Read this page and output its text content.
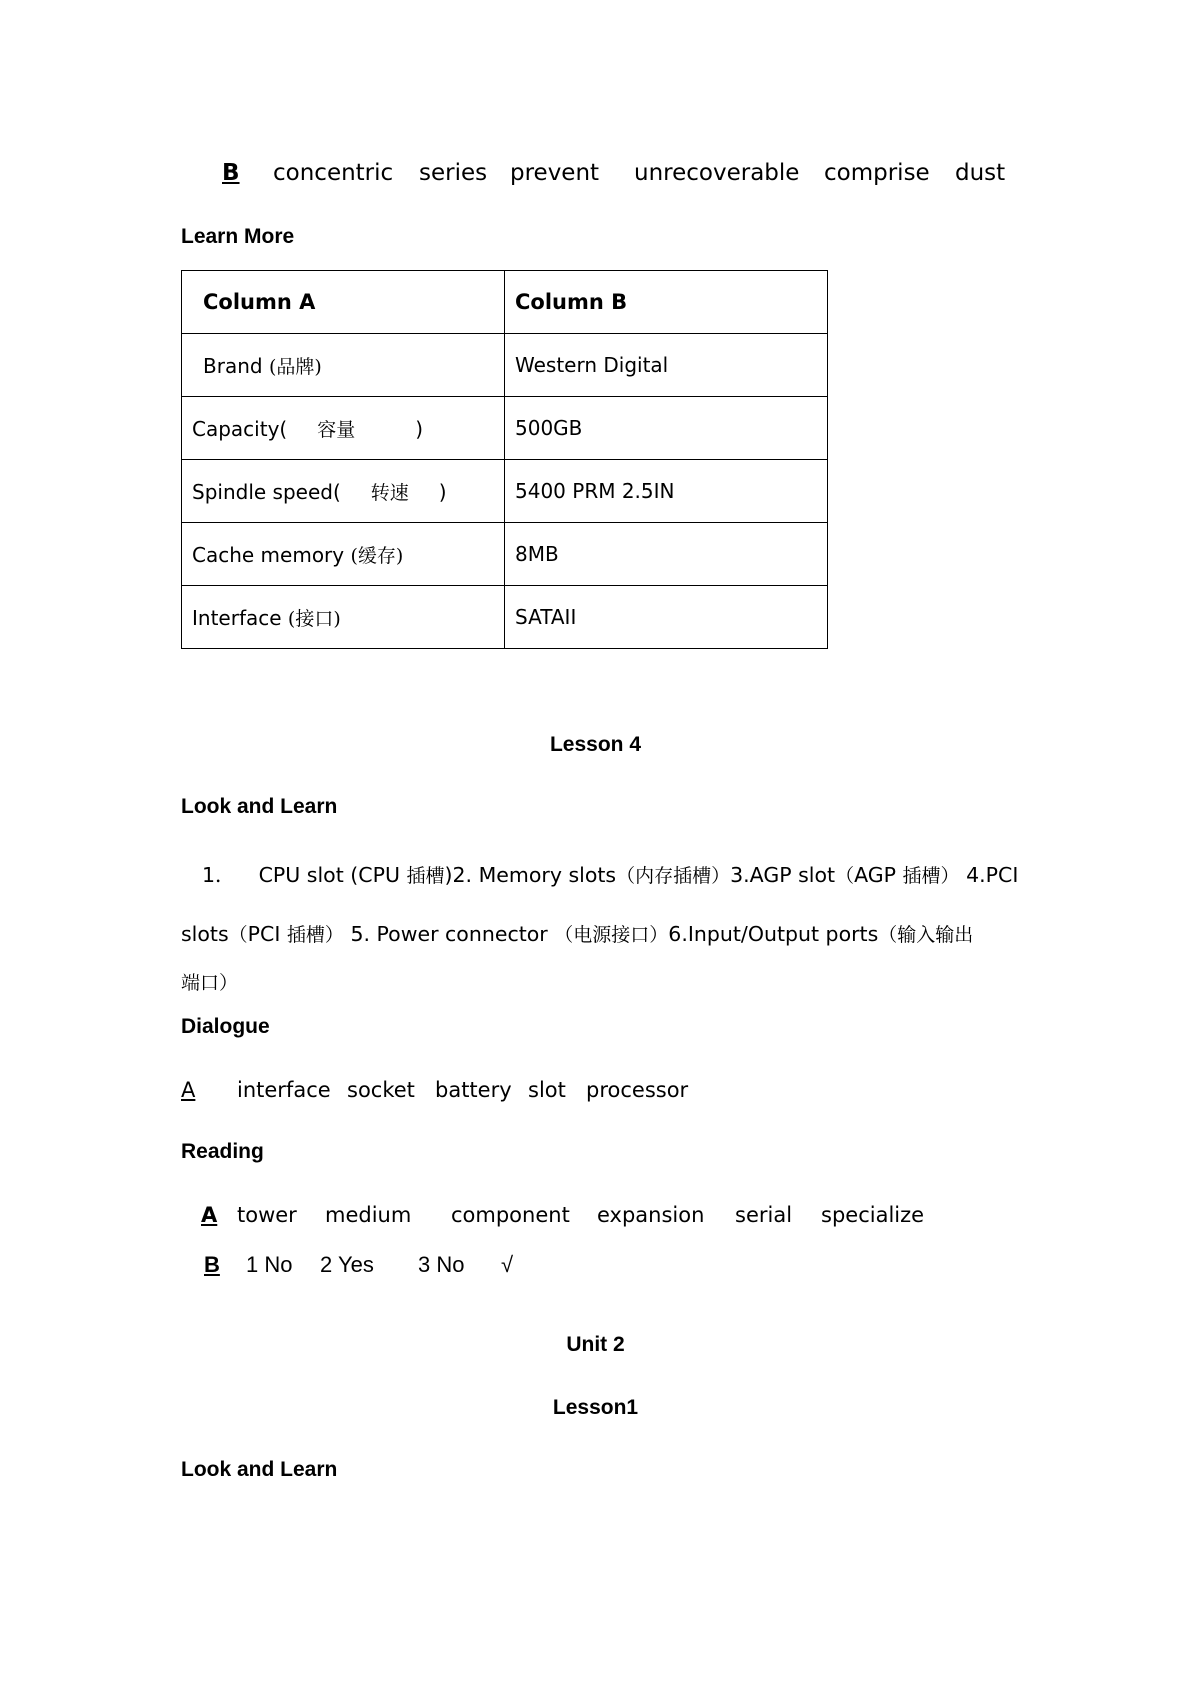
B concentric series prevent unrecoverable comprise dust
Learn More
Column A	Column B
Brand (品牌)	Western Digital
Capacity( 容量 )	500GB
Spindle speed( 转速 )	5400 PRM 2.5IN
Cache memory (缓存)	8MB
Interface (接口)	SATAII
Lesson 4
Look and Learn
1． CPU slot (CPU 插槽)2. Memory slots（内存插槽）3.AGP slot（AGP 插槽） 4.PCI
slots（PCI 插槽） 5. Power connector （电源接口）6.Input/Output ports（输入输出
端口）
Dialogue
A interface socket battery slot processor
Reading
A tower medium component expansion serial specialize
B 1 No 2 Yes 3 No √
Unit 2
Lesson1
Look and Learn
